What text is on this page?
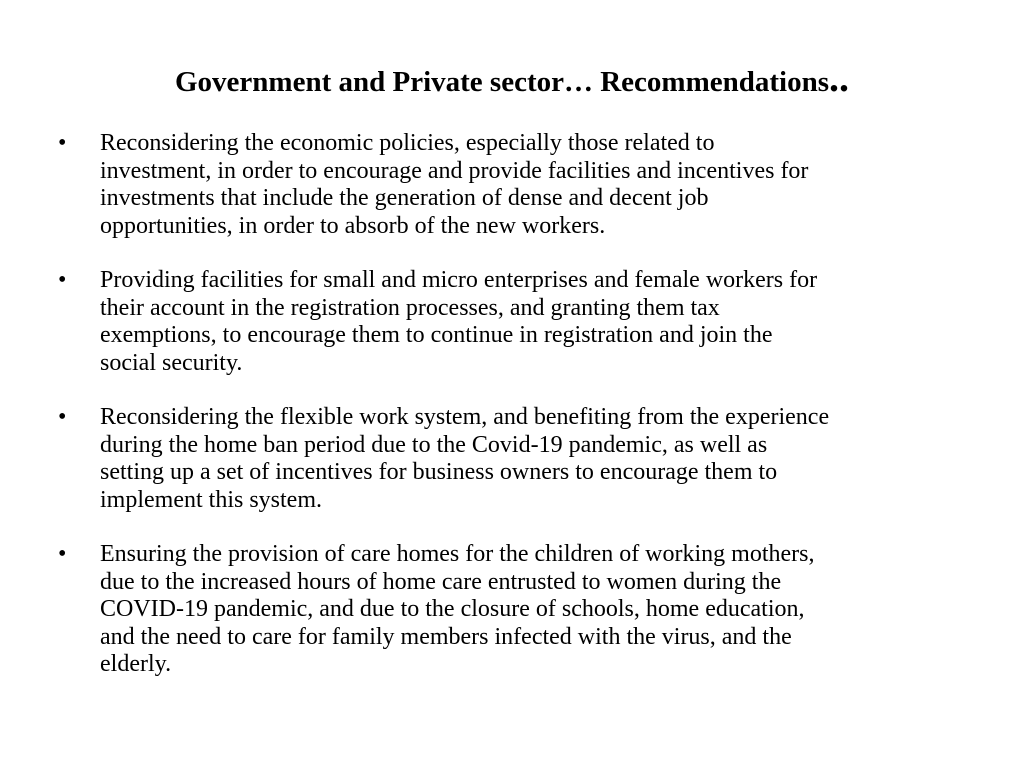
Government and Private sector… Recommendations..
• Reconsidering the economic policies, especially those related to
investment, in order to encourage and provide facilities and incentives for
investments that include the generation of dense and decent job
opportunities, in order to absorb of the new workers.
• Providing facilities for small and micro enterprises and female workers for
their account in the registration processes, and granting them tax
exemptions, to encourage them to continue in registration and join the
social security.
• Reconsidering the flexible work system, and benefiting from the experience
during the home ban period due to the Covid-19 pandemic, as well as
setting up a set of incentives for business owners to encourage them to
implement this system.
• Ensuring the provision of care homes for the children of working mothers,
due to the increased hours of home care entrusted to women during the
COVID-19 pandemic, and due to the closure of schools, home education,
and the need to care for family members infected with the virus, and the
elderly.
